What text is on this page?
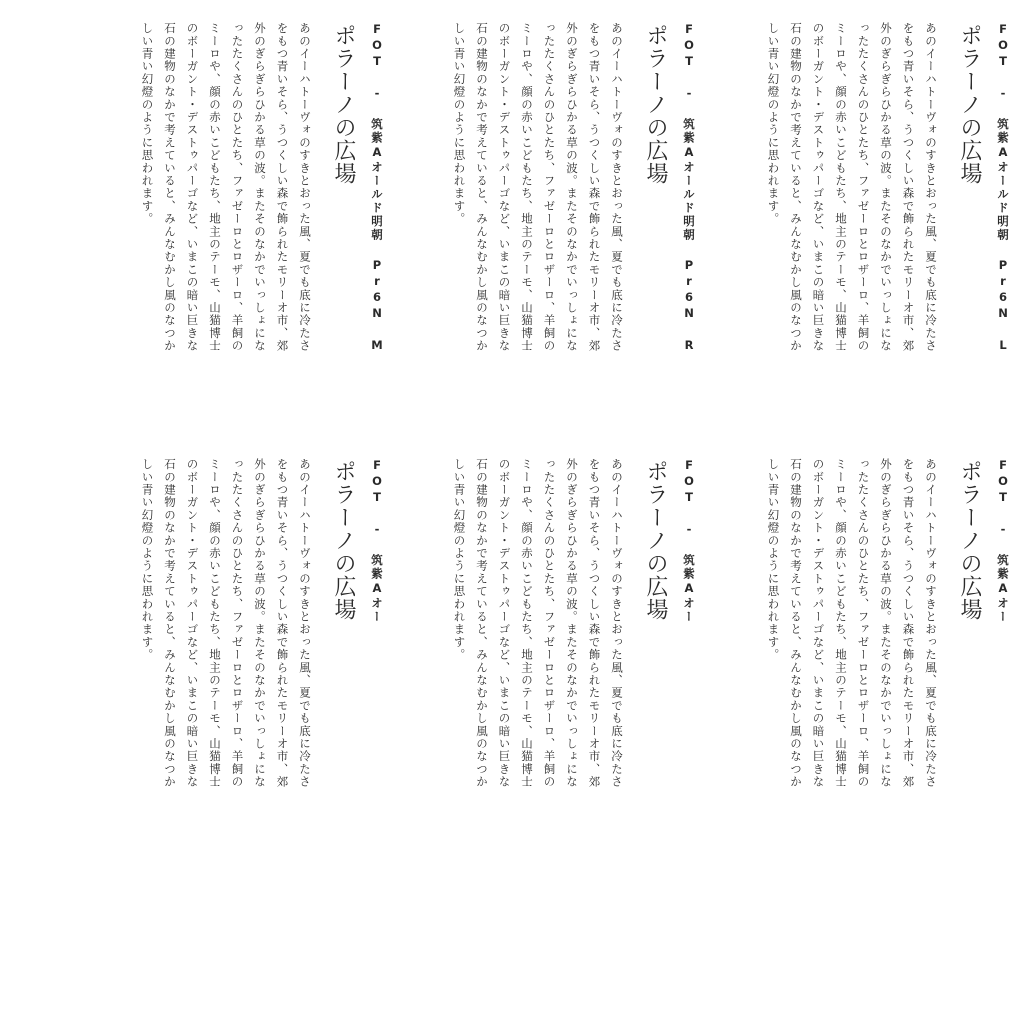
FOT - 筑紫Aオールド明朝 Pr6N L
ポラーノの広場
あのイーハトーヴォのすきとおった風、夏でも底に冷たさ
をもつ青いそら、うつくしい森で飾られたモリーオ市、郊
外のぎらぎらひかる草の波。またそのなかでいっしょにな
ったたくさんのひとたち、ファゼーロとロザーロ、羊飼の
ミーロや、顔の赤いこどもたち、地主のテーモ、山猫博士
のボーガント・デストゥパーゴなど、いまこの暗い巨きな
石の建物のなかで考えていると、みんなむかし風のなつか
しい青い幻燈のように思われます。
FOT - 筑紫Aオールド明朝 Pr6N R
ポラーノの広場
あのイーハトーヴォのすきとおった風、夏でも底に冷たさ
をもつ青いそら、うつくしい森で飾られたモリーオ市、郊
外のぎらぎらひかる草の波。またそのなかでいっしょにな
ったたくさんのひとたち、ファゼーロとロザーロ、羊飼の
ミーロや、顔の赤いこどもたち、地主のテーモ、山猫博士
のボーガント・デストゥパーゴなど、いまこの暗い巨きな
石の建物のなかで考えていると、みんなむかし風のなつか
しい青い幻燈のように思われます。
FOT - 筑紫Aオールド明朝 Pr6N M
ポラーノの広場
あのイーハトーヴォのすきとおった風、夏でも底に冷たさ
をもつ青いそら、うつくしい森で飾られたモリーオ市、郊
外のぎらぎらひかる草の波。またそのなかでいっしょにな
ったたくさんのひとたち、ファゼーロとロザーロ、羊飼の
ミーロや、顔の赤いこどもたち、地主のテーモ、山猫博士
のボーガント・デストゥパーゴなど、いまこの暗い巨きな
石の建物のなかで考えていると、みんなむかし風のなつか
しい青い幻燈のように思われます。
FOT - 筑紫Aオー
ポラーノの広場
あのイーハトーヴォのすきとおった風、夏でも底に冷たさ
をもつ青いそら、うつくしい森で飾られたモリーオ市、郊
外のぎらぎらひかる草の波。またそのなかでいっしょにな
ったたくさんのひとたち、ファゼーロとロザーロ、羊飼の
ミーロや、顔の赤いこどもたち、地主のテーモ、山猫博士
のボーガント・デストゥパーゴなど、いまこの暗い巨きな
石の建物のなかで考えていると、みんなむかし風のなつか
しい青い幻燈のように思われます。
FOT - 筑紫Aオー
ポラーノの広場
あのイーハトーヴォのすきとおった風、夏でも底に冷たさ
をもつ青いそら、うつくしい森で飾られたモリーオ市、郊
外のぎらぎらひかる草の波。またそのなかでいっしょにな
ったたくさんのひとたち、ファゼーロとロザーロ、羊飼の
ミーロや、顔の赤いこどもたち、地主のテーモ、山猫博士
のボーガント・デストゥパーゴなど、いまこの暗い巨きな
石の建物のなかで考えていると、みんなむかし風のなつか
しい青い幻燈のように思われます。
FOT - 筑紫Aオー
ポラーノの広場
あのイーハトーヴォのすきとおった風、夏でも底に冷たさ
をもつ青いそら、うつくしい森で飾られたモリーオ市、郊
外のぎらぎらひかる草の波。またそのなかでいっしょにな
ったたくさんのひとたち、ファゼーロとロザーロ、羊飼の
ミーロや、顔の赤いこどもたち、地主のテーモ、山猫博士
のボーガント・デストゥパーゴなど、いまこの暗い巨きな
石の建物のなかで考えていると、みんなむかし風のなつか
しい青い幻燈のように思われます。
